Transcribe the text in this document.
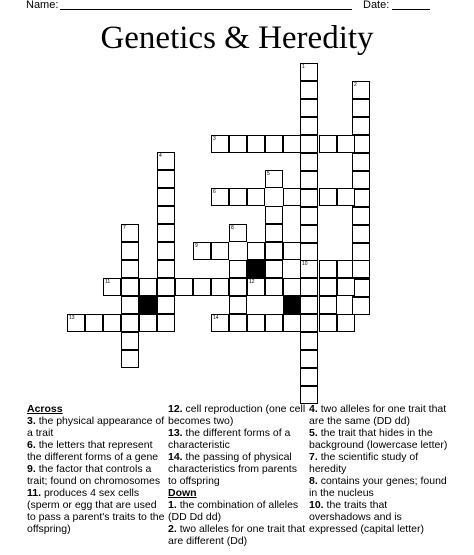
Name:	Date:
Genetics & Heredity
1
2
3
4
5
6
7	8
9
10
11	12
13	14
Across
3. the physical appearance of a trait
6. the letters that represent the different forms of a gene
9. the factor that controls a trait; found on chromosomes
11. produces 4 sex cells (sperm or egg that are used to pass a parent's traits to the offspring)
12. cell reproduction (one cell becomes two)
13. the different forms of a characteristic
14. the passing of physical characteristics from parents to offspring
Down
1. the combination of alleles (DD Dd dd)
2. two alleles for one trait that are different (Dd)
4. two alleles for one trait that are the same (DD dd)
5. the trait that hides in the background (lowercase letter)
7. the scientific study of heredity
8. contains your genes; found in the nucleus
10. the traits that overshadows and is expressed (capital letter)
